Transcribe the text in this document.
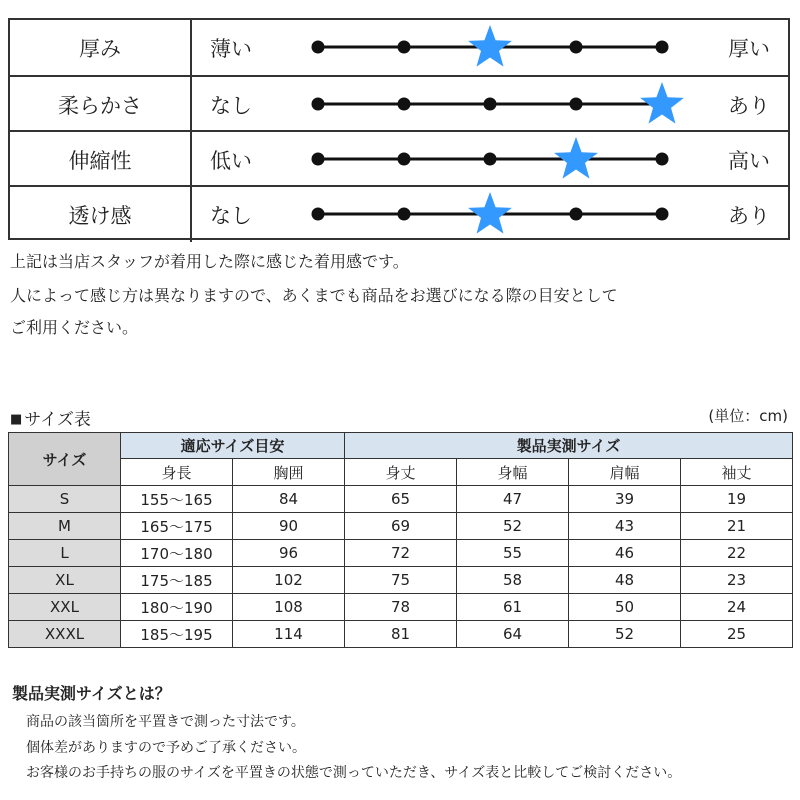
厚み	薄い	厚い
柔らかさ	なし	あり
伸縮性	低い	高い
透け感	なし	あり
上記は当店スタッフが着用した際に感じた着用感です。
人によって感じ方は異なりますので、あくまでも商品をお選びになる際の目安として
ご利用ください。
■ サイズ表	(単位：cm)
サイズ	適応サイズ目安		製品実測サイズ			
	身長	胸囲	身丈	身幅	肩幅	袖丈
S	155〜165	84	65	47	39	19
M	165〜175	90	69	52	43	21
L	170〜180	96	72	55	46	22
XL	175〜185	102	75	58	48	23
XXL	180〜190	108	78	61	50	24
XXXL	185〜195	114	81	64	52	25
製品実測サイズとは？
商品の該当箇所を平置きで測った寸法です。
個体差がありますので予めご了承ください。
お客様のお手持ちの服のサイズを平置きの状態で測っていただき、サイズ表と比較してご検討ください。
